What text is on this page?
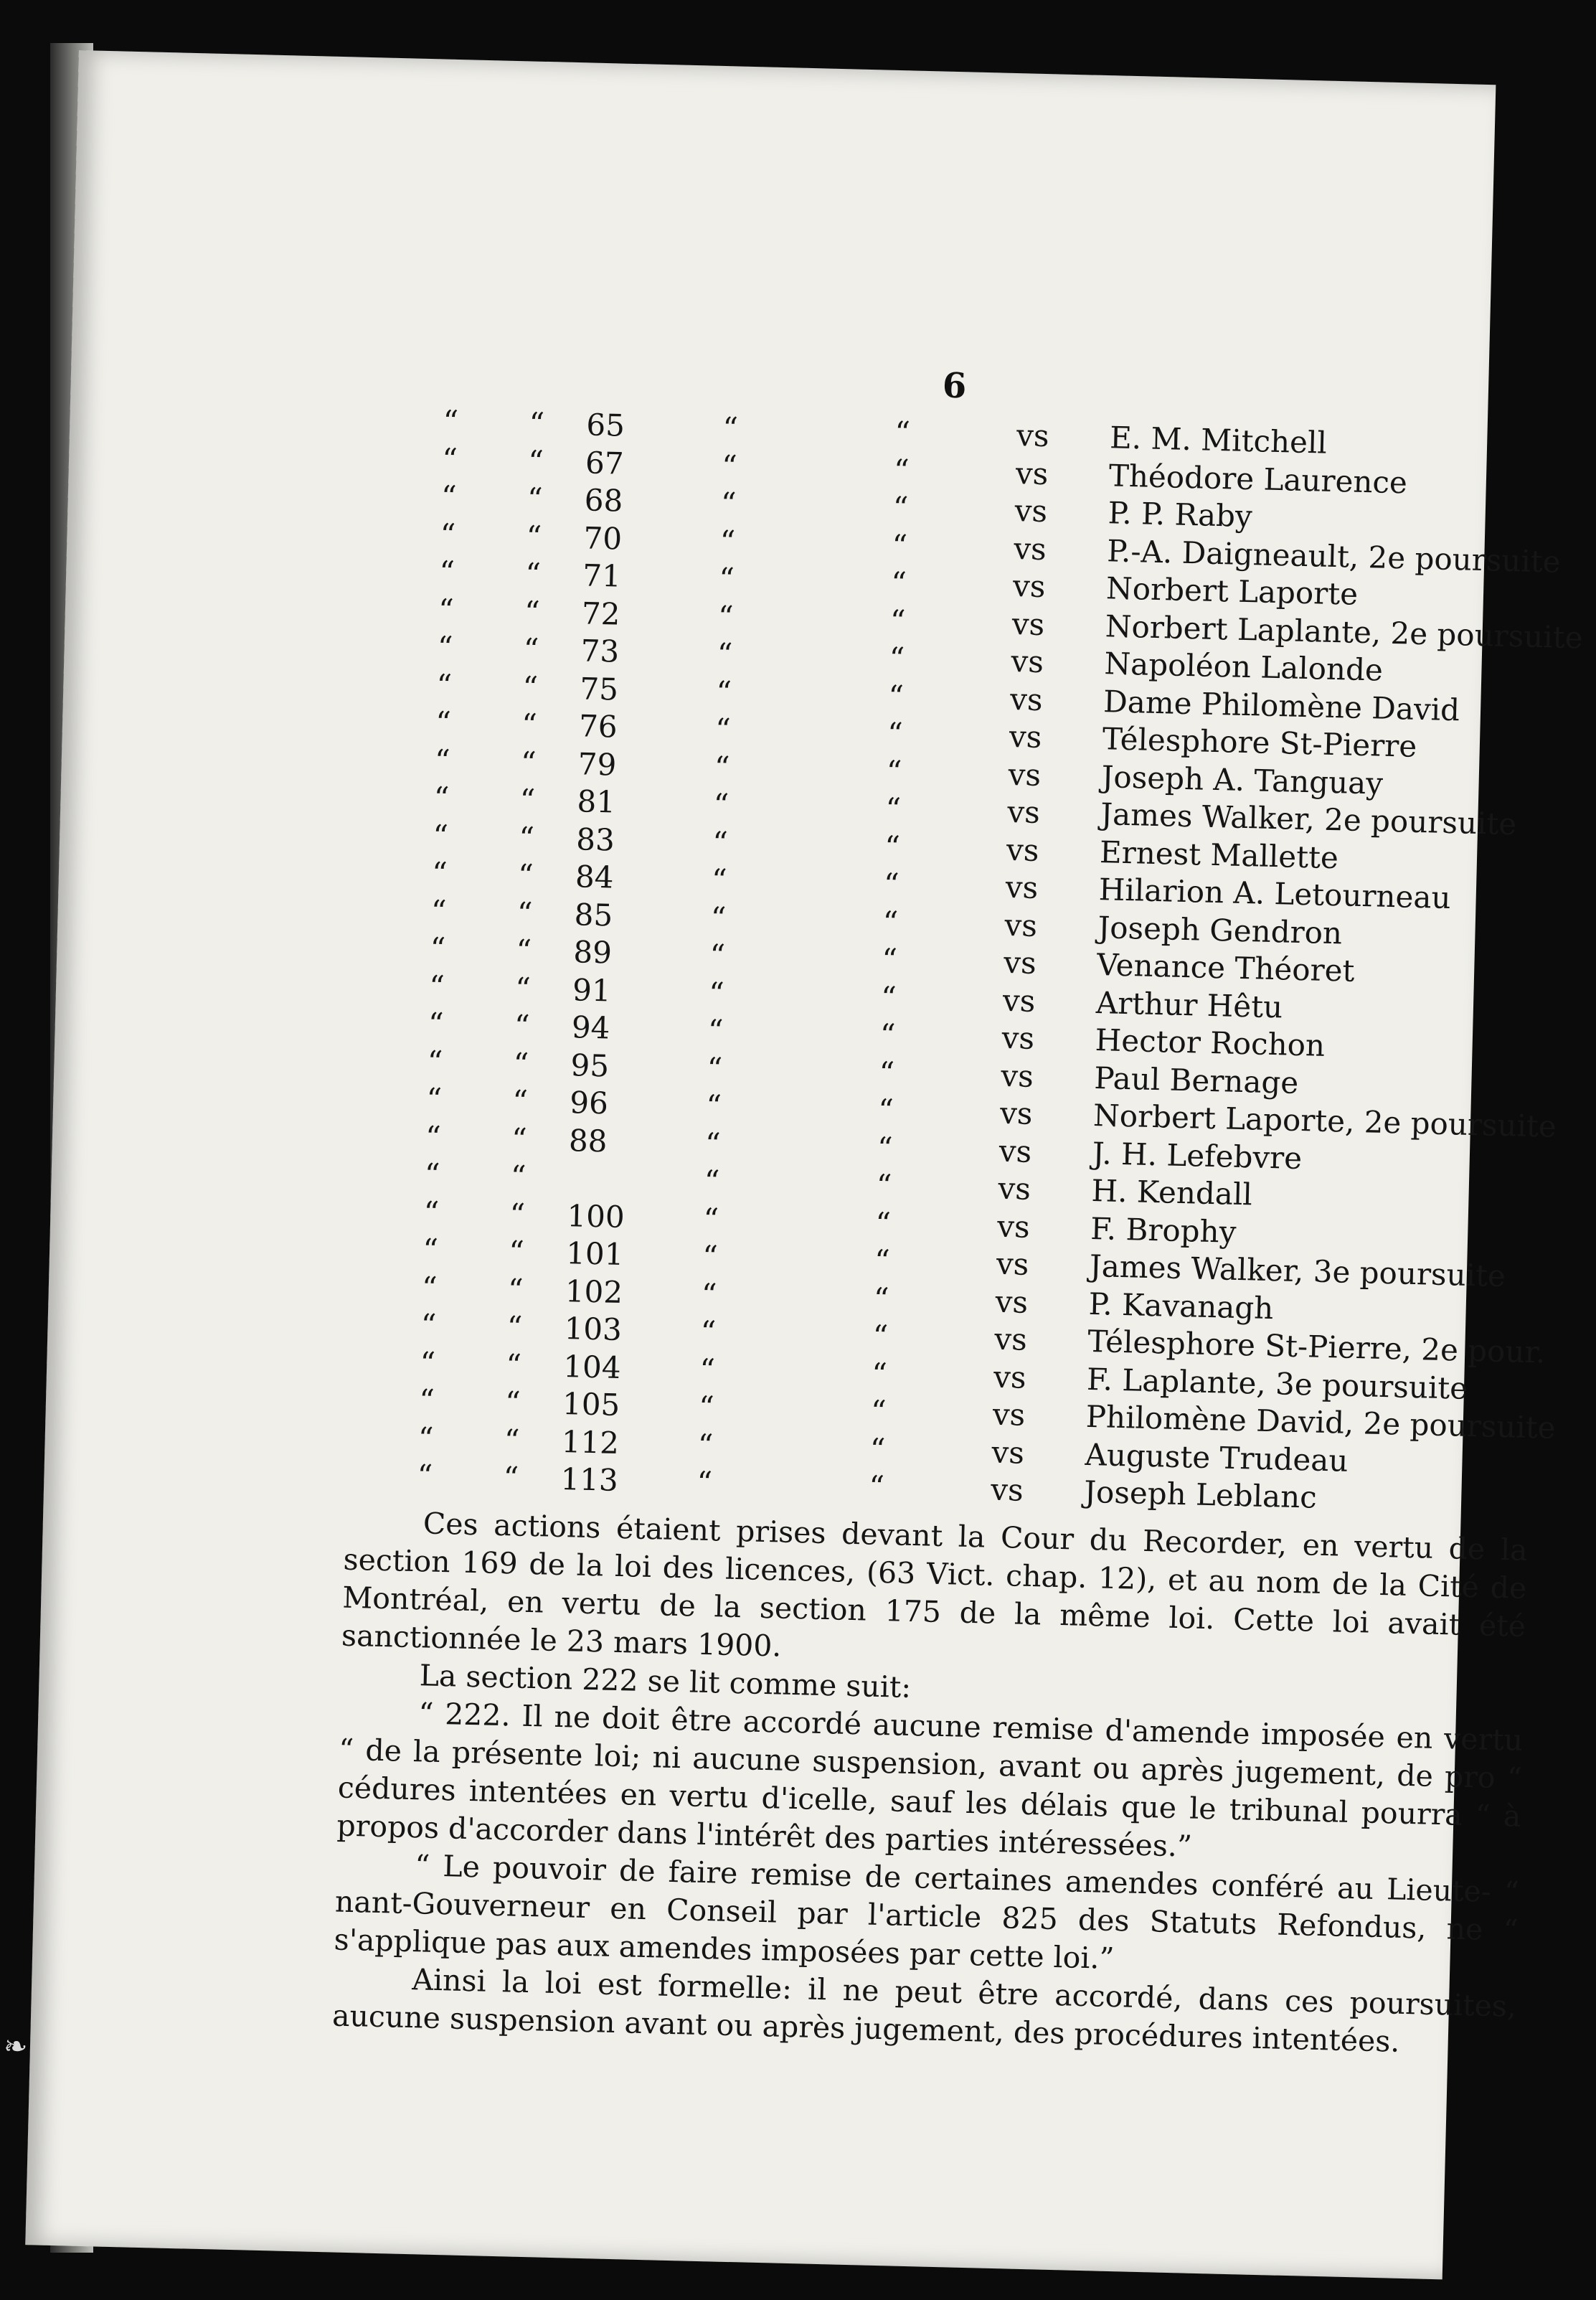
6
“ “ 65	“	“	vs E. M. Mitchell
“ “ 67	“	“	vs Théodore Laurence
“ “ 68	“	“	vs P. P. Raby
“ “ 70	“	“	vs P.-A. Daigneault, 2e poursuite
“ “ 71	“	“	vs Norbert Laporte
“ “ 72	“	“	vs Norbert Laplante, 2e poursuite
“ “ 73	“	“	vs Napoléon Lalonde
“ “ 75	“	“	vs Dame Philomène David
“ “ 76	“	“	vs Télesphore St-Pierre
“ “ 79	“	“	vs Joseph A. Tanguay
“ “ 81	“	“	vs James Walker, 2e poursuite
“ “ 83	“	“	vs Ernest Mallette
“ “ 84	“	“	vs Hilarion A. Letourneau
“ “ 85	“	“	vs Joseph Gendron
“ “ 89	“	“	vs Venance Théoret
“ “ 91	“	“	vs Arthur Hêtu
“ “ 94	“	“	vs Hector Rochon
“ “ 95	“	“	vs Paul Bernage
“ “ 96	“	“	vs Norbert Laporte, 2e poursuite
“ “ 88	“	“	vs J. H. Lefebvre
“ “	“	“	vs H. Kendall
“ “ 100	“	“	vs F. Brophy
“ “ 101	“	“	vs James Walker, 3e poursuite
“ “ 102	“	“	vs P. Kavanagh
“ “ 103	“	“	vs Télesphore St-Pierre, 2e pour.
“ “ 104	“	“	vs F. Laplante, 3e poursuite
“ “ 105	“	“	vs Philomène David, 2e poursuite
“ “ 112	“	“	vs Auguste Trudeau
“ “ 113	“	“	vs Joseph Leblanc

Ces actions étaient prises devant la Cour du Recorder, en vertu de la section 169 de la loi des licences, (63 Vict. chap. 12), et au nom de la Cité de Montréal, en vertu de la section 175 de la même loi. Cette loi avait été sanctionnée le 23 mars 1900.

La section 222 se lit comme suit:

“ 222. Il ne doit être accordé aucune remise d'amende imposée en vertu “ de la présente loi; ni aucune suspension, avant ou après jugement, de pro “ cédures intentées en vertu d'icelle, sauf les délais que le tribunal pourra “ à propos d'accorder dans l'intérêt des parties intéressées.”

“ Le pouvoir de faire remise de certaines amendes conféré au Lieute- “ nant-Gouverneur en Conseil par l'article 825 des Statuts Refondus, ne “ s'applique pas aux amendes imposées par cette loi.”

Ainsi la loi est formelle: il ne peut être accordé, dans ces poursuites, aucune suspension avant ou après jugement, des procédures intentées.

❧
